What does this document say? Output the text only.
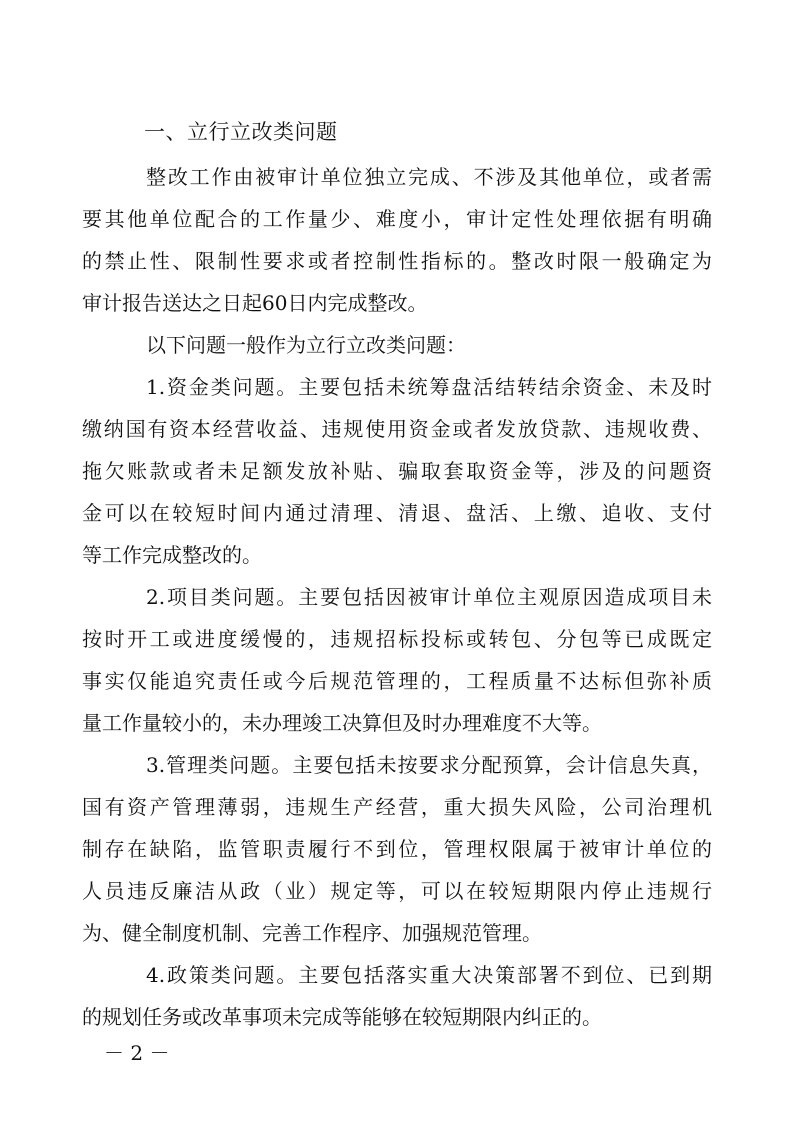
一、立行立改类问题
整改工作由被审计单位独立完成、不涉及其他单位，或者需
要其他单位配合的工作量少、难度小，审计定性处理依据有明确
的禁止性、限制性要求或者控制性指标的。整改时限一般确定为
审计报告送达之日起60日内完成整改。
以下问题一般作为立行立改类问题：
1.资金类问题。主要包括未统筹盘活结转结余资金、未及时
缴纳国有资本经营收益、违规使用资金或者发放贷款、违规收费、
拖欠账款或者未足额发放补贴、骗取套取资金等，涉及的问题资
金可以在较短时间内通过清理、清退、盘活、上缴、追收、支付
等工作完成整改的。
2.项目类问题。主要包括因被审计单位主观原因造成项目未
按时开工或进度缓慢的，违规招标投标或转包、分包等已成既定
事实仅能追究责任或今后规范管理的，工程质量不达标但弥补质
量工作量较小的，未办理竣工决算但及时办理难度不大等。
3.管理类问题。主要包括未按要求分配预算，会计信息失真，
国有资产管理薄弱，违规生产经营，重大损失风险，公司治理机
制存在缺陷，监管职责履行不到位，管理权限属于被审计单位的
人员违反廉洁从政（业）规定等，可以在较短期限内停止违规行
为、健全制度机制、完善工作程序、加强规范管理。
4.政策类问题。主要包括落实重大决策部署不到位、已到期
的规划任务或改革事项未完成等能够在较短期限内纠正的。
－ 2 －
